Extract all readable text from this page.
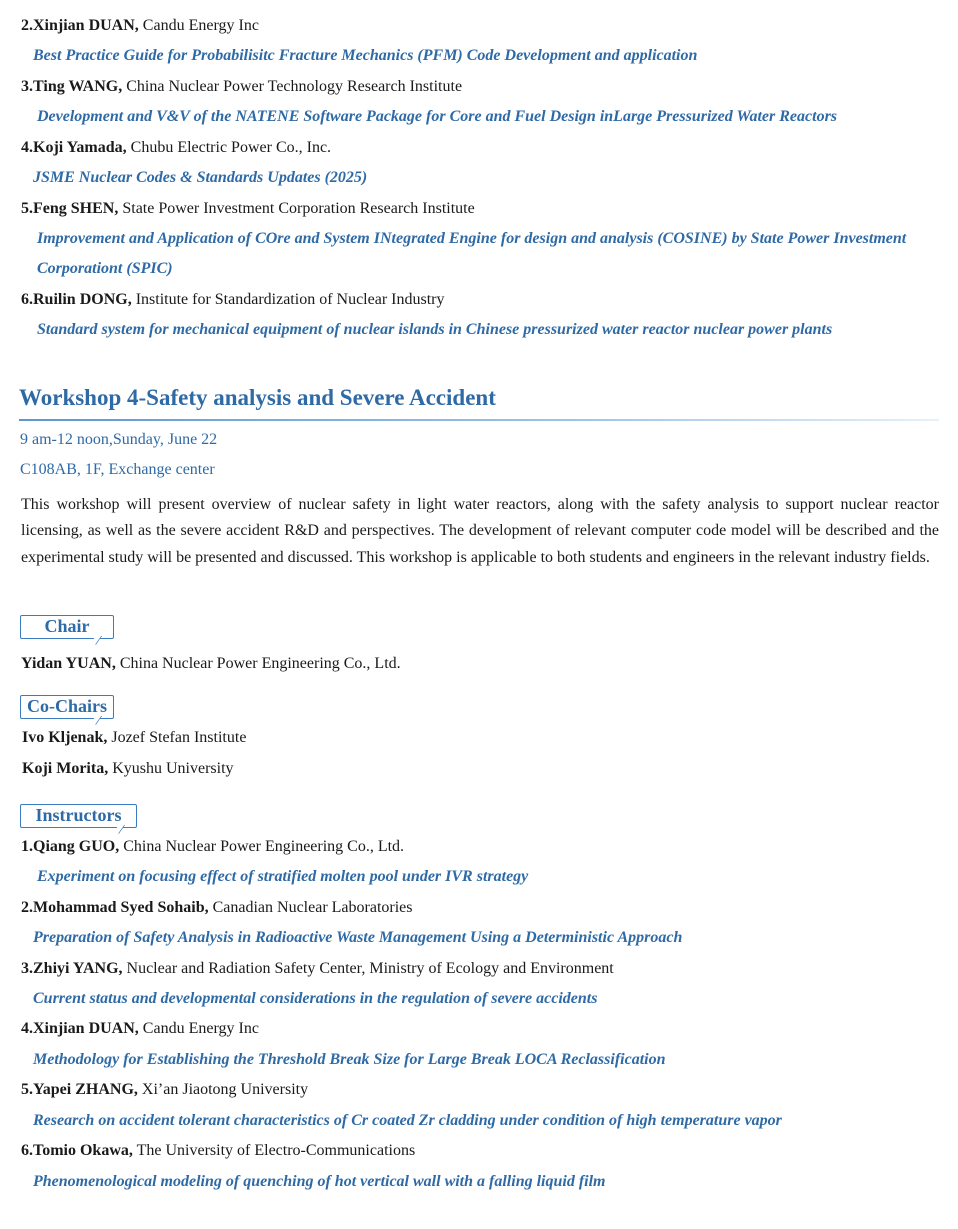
2.Xinjian DUAN, Candu Energy Inc
Best Practice Guide for Probabilisitc Fracture Mechanics (PFM) Code Development and application
3.Ting WANG, China Nuclear Power Technology Research Institute
Development and V&V of the NATENE Software Package for Core and Fuel Design inLarge Pressurized Water Reactors
4.Koji Yamada, Chubu Electric Power Co., Inc.
JSME Nuclear Codes & Standards Updates (2025)
5.Feng SHEN, State Power Investment Corporation Research Institute
Improvement and Application of COre and System INtegrated Engine for design and analysis (COSINE) by State Power Investment Corporationt (SPIC)
6.Ruilin DONG, Institute for Standardization of Nuclear Industry
Standard system for mechanical equipment of nuclear islands in Chinese pressurized water reactor nuclear power plants
Workshop 4-Safety analysis and Severe Accident
9 am-12 noon,Sunday, June 22
C108AB, 1F, Exchange center
This workshop will present overview of nuclear safety in light water reactors, along with the safety analysis to support nuclear reactor licensing, as well as the severe accident R&D and perspectives. The development of relevant computer code model will be described and the experimental study will be presented and discussed. This workshop is applicable to both students and engineers in the relevant industry fields.
Chair
Yidan YUAN, China Nuclear Power Engineering Co., Ltd.
Co-Chairs
Ivo Kljenak, Jozef Stefan Institute
Koji Morita, Kyushu University
Instructors
1.Qiang GUO, China Nuclear Power Engineering Co., Ltd.
Experiment on focusing effect of stratified molten pool under IVR strategy
2.Mohammad Syed Sohaib, Canadian Nuclear Laboratories
Preparation of Safety Analysis in Radioactive Waste Management Using a Deterministic Approach
3.Zhiyi YANG, Nuclear and Radiation Safety Center, Ministry of Ecology and Environment
Current status and developmental considerations in the regulation of severe accidents
4.Xinjian DUAN, Candu Energy Inc
Methodology for Establishing the Threshold Break Size for Large Break LOCA Reclassification
5.Yapei ZHANG, Xi’an Jiaotong University
Research on accident tolerant characteristics of Cr coated Zr cladding under condition of high temperature vapor
6.Tomio Okawa, The University of Electro-Communications
Phenomenological modeling of quenching of hot vertical wall with a falling liquid film
